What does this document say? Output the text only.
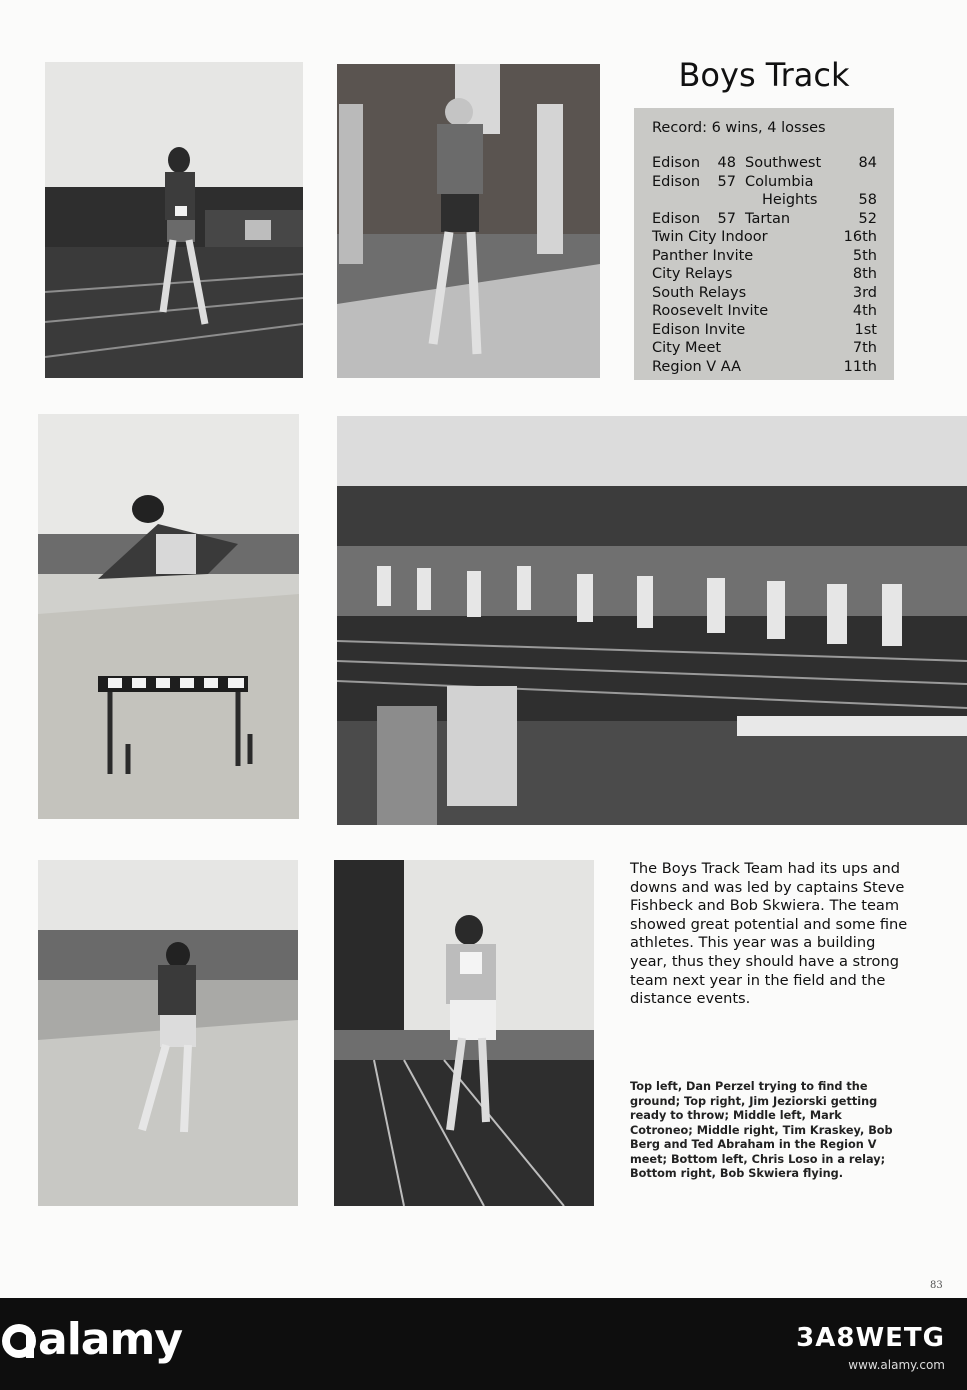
Boys Track
Record: 6 wins, 4 losses
Edison 48 Southwest	84
Edison 57 Columbia
Heights	58
Edison 57 Tartan	52
Twin City Indoor	16th
Panther Invite	5th
City Relays	8th
South Relays	3rd
Roosevelt Invite	4th
Edison Invite	1st
City Meet	7th
Region V AA	11th
The Boys Track Team had its ups and downs and was led by captains Steve Fishbeck and Bob Skwiera. The team showed great potential and some fine athletes. This year was a building year, thus they should have a strong team next year in the field and the distance events.
Top left, Dan Perzel trying to find the ground; Top right, Jim Jeziorski getting ready to throw; Middle left, Mark Cotroneo; Middle right, Tim Kraskey, Bob Berg and Ted Abraham in the Region V meet; Bottom left, Chris Loso in a relay; Bottom right, Bob Skwiera flying.
83
alamy	3A8WETG
www.alamy.com
